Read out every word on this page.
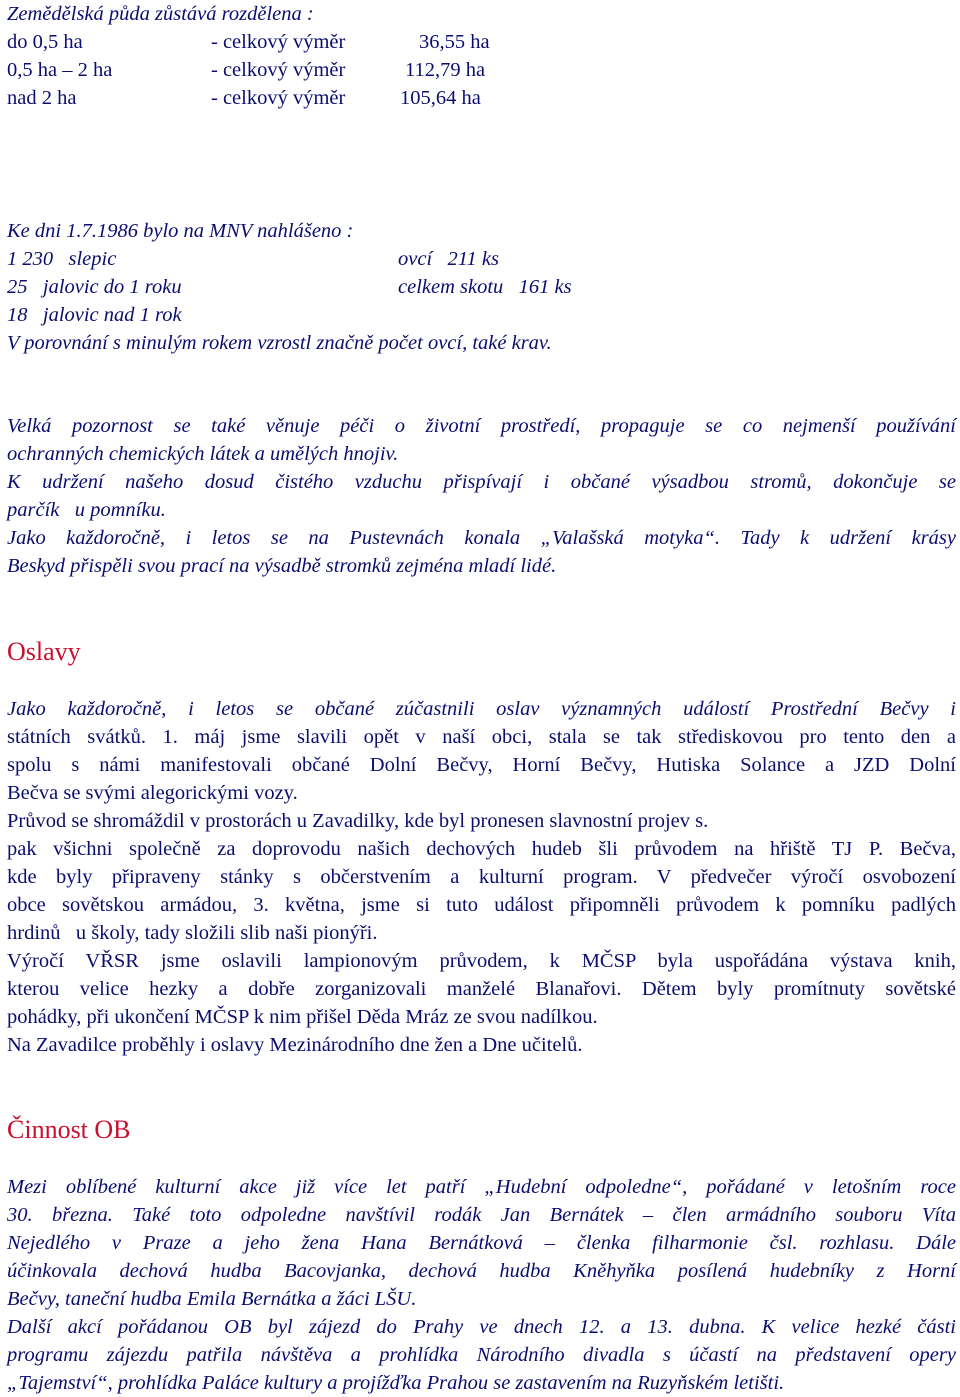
Zemědělská půda zůstává rozdělena :
do 0,5 ha	- celkový výměr	36,55 ha
0,5 ha – 2 ha	- celkový výměr	112,79 ha
nad 2 ha	- celkový výměr	105,64 ha
Ke dni 1.7.1986 bylo na MNV nahlášeno :
1 230   slepic	ovcí   211 ks
25   jalovic do 1 roku	celkem skotu   161 ks
18   jalovic nad 1 rok
V porovnání s minulým rokem vzrostl značně počet ovcí, také krav.
Velká pozornost se také věnuje péči o životní prostředí, propaguje se co nejmenší používání
ochranných chemických látek a umělých hnojiv.
K udržení našeho dosud čistého vzduchu přispívají i občané výsadbou stromů, dokončuje se
parčík   u pomníku.
Jako každoročně, i letos se na Pustevnách konala „Valašská motyka“. Tady k udržení krásy
Beskyd přispěli svou prací na výsadbě stromků zejména mladí lidé.
Oslavy
Jako každoročně, i letos se občané zúčastnili oslav významných událostí Prostřední Bečvy i
státních svátků. 1. máj jsme slavili opět v naší obci, stala se tak střediskovou pro tento den a
spolu s námi manifestovali občané Dolní Bečvy, Horní Bečvy, Hutiska Solance a JZD Dolní
Bečva se svými alegorickými vozy.
Průvod se shromáždil v prostorách u Zavadilky, kde byl pronesen slavnostní projev s.
pak všichni společně za doprovodu našich dechových hudeb šli průvodem na hřiště TJ P. Bečva,
kde byly připraveny stánky s občerstvením a kulturní program. V předvečer výročí osvobození
obce sovětskou armádou, 3. května, jsme si tuto událost připomněli průvodem k pomníku padlých
hrdinů   u školy, tady složili slib naši pionýři.
Výročí VŘSR jsme oslavili lampionovým průvodem, k MČSP byla uspořádána výstava knih,
kterou velice hezky a dobře zorganizovali manželé Blanařovi. Dětem byly promítnuty sovětské
pohádky, při ukončení MČSP k nim přišel Děda Mráz ze svou nadílkou.
Na Zavadilce proběhly i oslavy Mezinárodního dne žen a Dne učitelů.
Činnost OB
Mezi oblíbené kulturní akce již více let patří „Hudební odpoledne“, pořádané v letošním roce
30. března. Také toto odpoledne navštívil rodák Jan Bernátek – člen armádního souboru Víta
Nejedlého v Praze a jeho žena Hana Bernátková – členka filharmonie čsl. rozhlasu. Dále
účinkovala dechová hudba Bacovjanka, dechová hudba Kněhyňka posílená hudebníky z Horní
Bečvy, taneční hudba Emila Bernátka a žáci LŠU.
Další akcí pořádanou OB byl zájezd do Prahy ve dnech 12. a 13. dubna. K velice hezké části
programu zájezdu patřila návštěva a prohlídka Národního divadla s účastí na představení opery
„Tajemství“, prohlídka Paláce kultury a projížďka Prahou se zastavením na Ruzyňském letišti.
